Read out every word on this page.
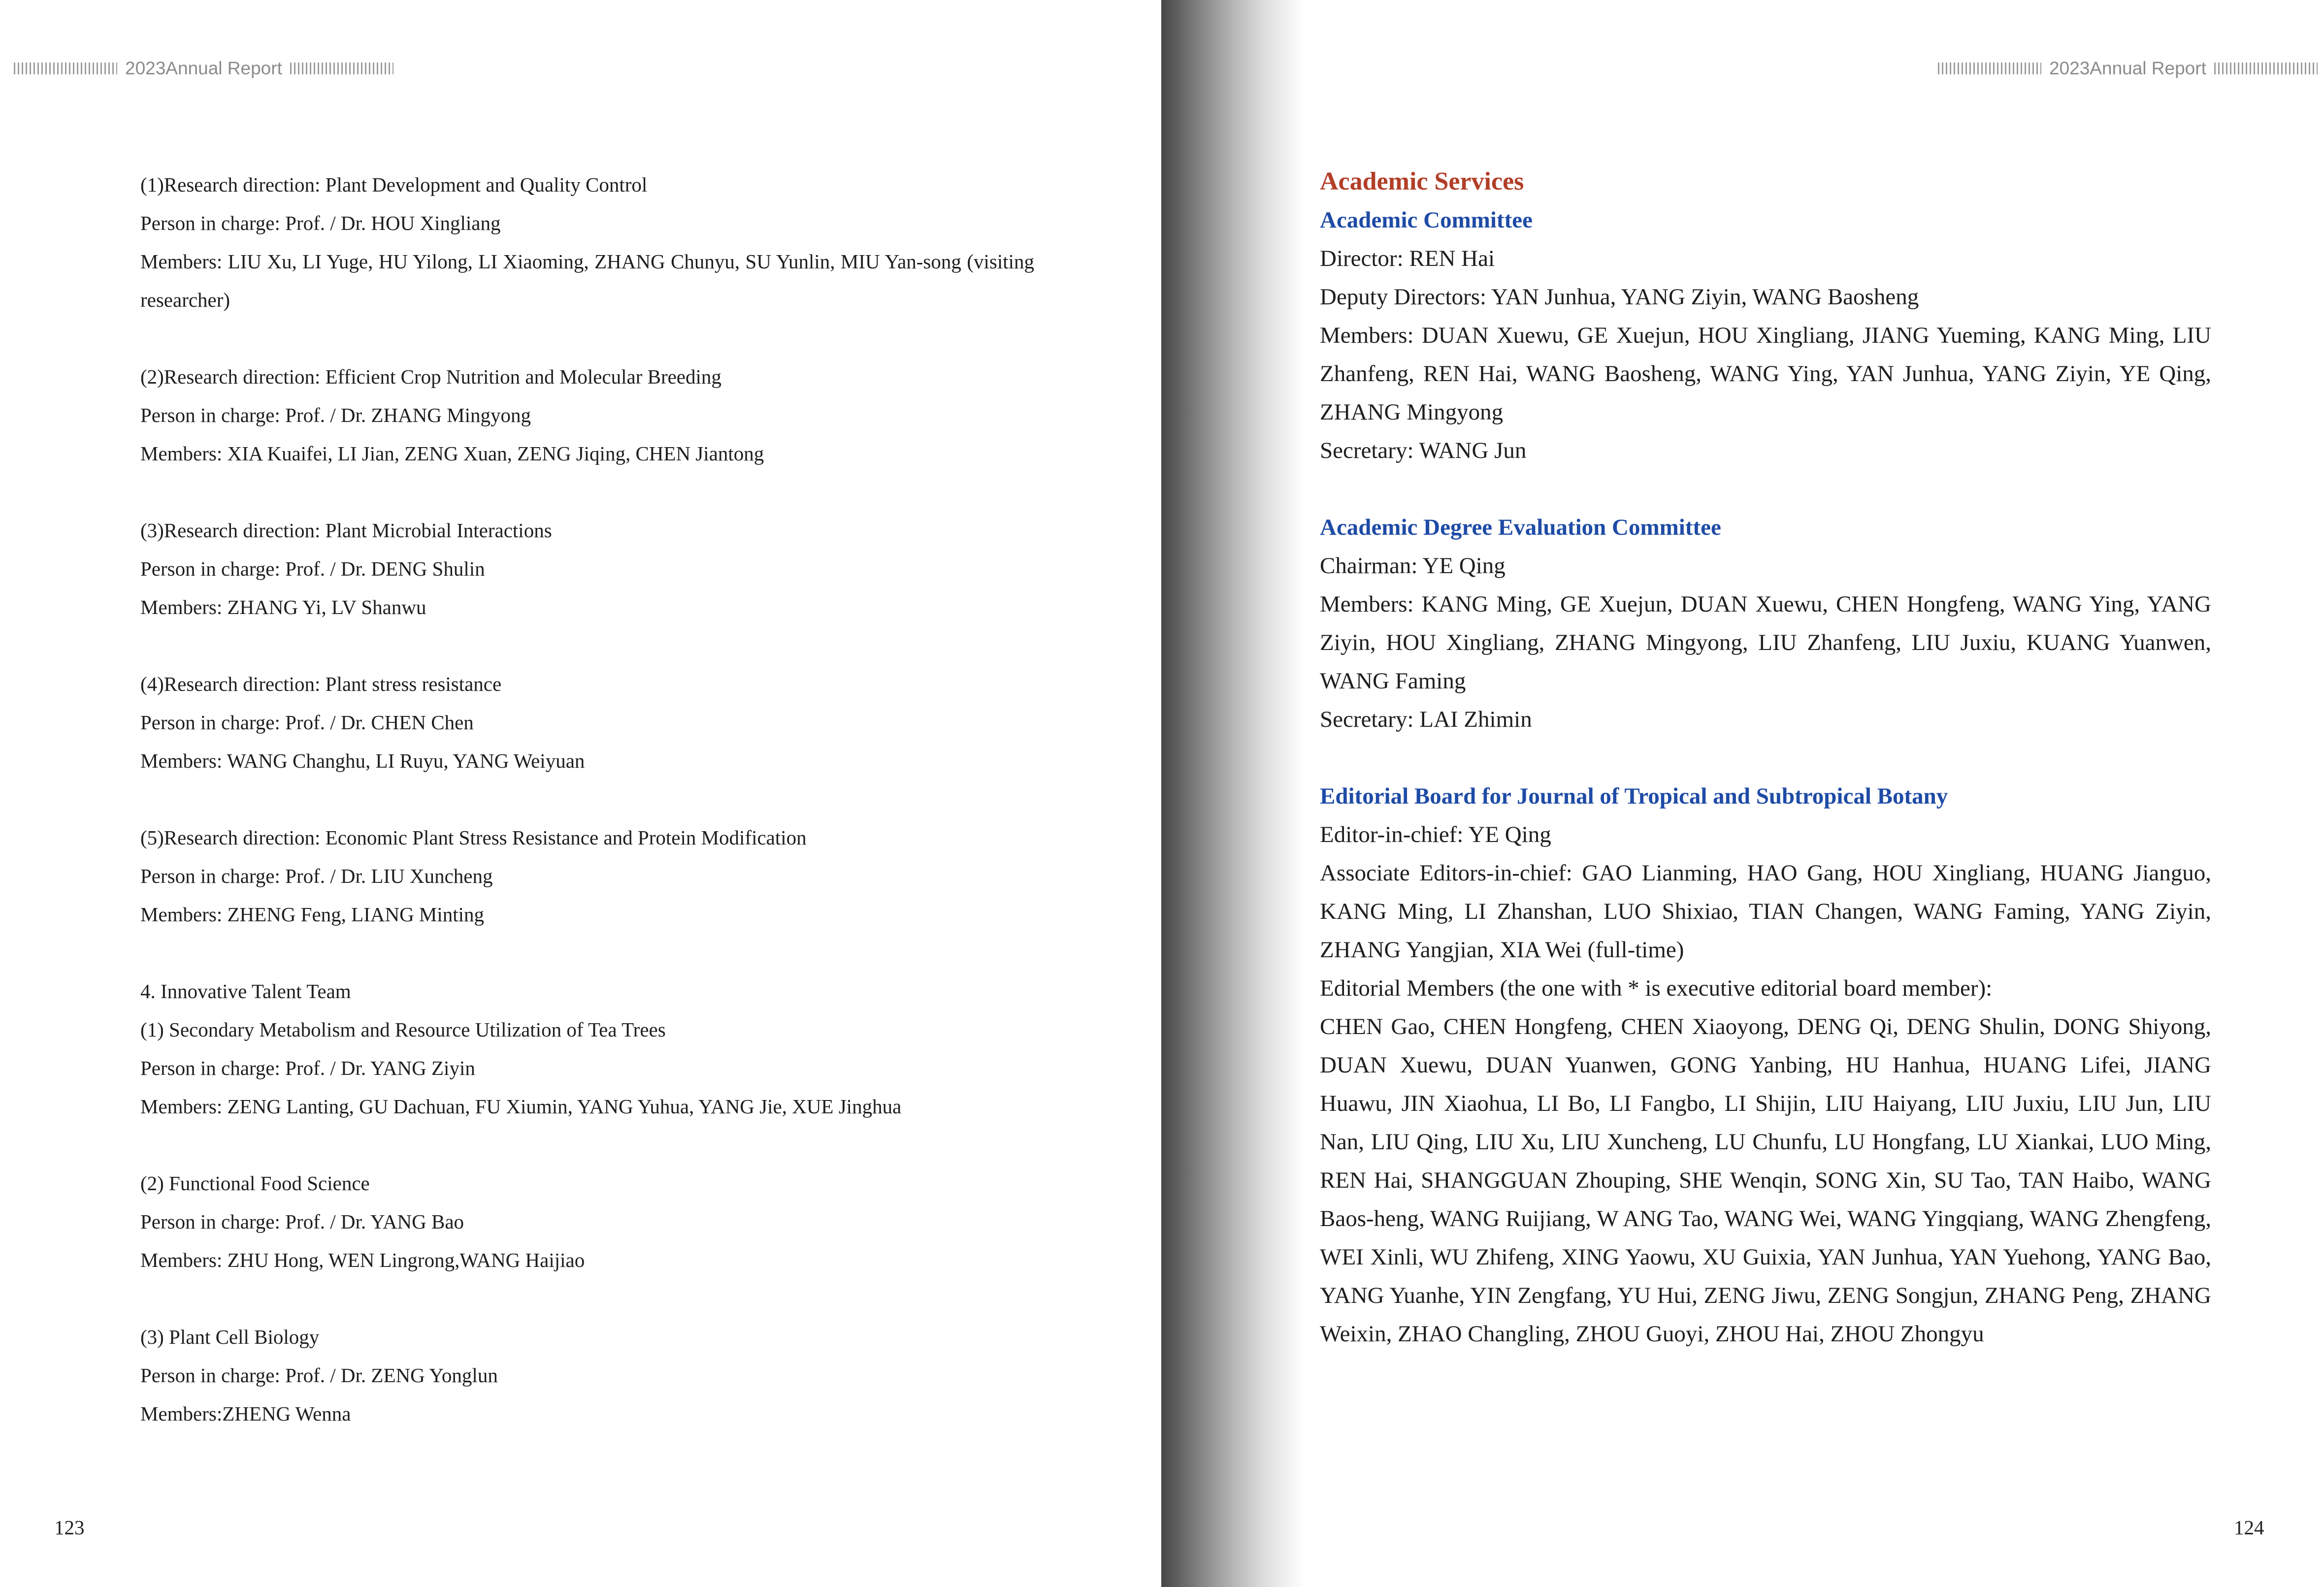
2023Annual Report	2023Annual Report

(1)Research direction: Plant Development and Quality Control

Person in charge: Prof. / Dr. HOU Xingliang

Members: LIU Xu, LI Yuge, HU Yilong, LI Xiaoming, ZHANG Chunyu, SU Yunlin, MIU Yan-song (visiting researcher)

(2)Research direction: Efficient Crop Nutrition and Molecular Breeding

Person in charge: Prof. / Dr. ZHANG Mingyong

Members: XIA Kuaifei, LI Jian, ZENG Xuan, ZENG Jiqing, CHEN Jiantong

(3)Research direction: Plant Microbial Interactions

Person in charge: Prof. / Dr. DENG Shulin

Members: ZHANG Yi, LV Shanwu

(4)Research direction: Plant stress resistance

Person in charge: Prof. / Dr. CHEN Chen

Members: WANG Changhu, LI Ruyu, YANG Weiyuan

(5)Research direction: Economic Plant Stress Resistance and Protein Modification

Person in charge: Prof. / Dr. LIU Xuncheng

Members: ZHENG Feng, LIANG Minting

4. Innovative Talent Team

(1) Secondary Metabolism and Resource Utilization of Tea Trees

Person in charge: Prof. / Dr. YANG Ziyin

Members: ZENG Lanting, GU Dachuan, FU Xiumin, YANG Yuhua, YANG Jie, XUE Jinghua

(2) Functional Food Science

Person in charge: Prof. / Dr. YANG Bao

Members: ZHU Hong, WEN Lingrong,WANG Haijiao

(3) Plant Cell Biology

Person in charge: Prof. / Dr. ZENG Yonglun

Members:ZHENG Wenna

Academic Services
Academic Committee

Director: REN Hai

Deputy Directors: YAN Junhua, YANG Ziyin, WANG Baosheng

Members: DUAN Xuewu, GE Xuejun, HOU Xingliang, JIANG Yueming, KANG Ming, LIU Zhanfeng, REN Hai, WANG Baosheng, WANG Ying, YAN Junhua, YANG Ziyin, YE Qing, ZHANG Mingyong

Secretary: WANG Jun

Academic Degree Evaluation Committee

Chairman: YE Qing

Members: KANG Ming, GE Xuejun, DUAN Xuewu, CHEN Hongfeng, WANG Ying, YANG Ziyin, HOU Xingliang, ZHANG Mingyong, LIU Zhanfeng, LIU Juxiu, KUANG Yuanwen, WANG Faming

Secretary: LAI Zhimin

Editorial Board for Journal of Tropical and Subtropical Botany

Editor-in-chief: YE Qing

Associate Editors-in-chief: GAO Lianming, HAO Gang, HOU Xingliang, HUANG Jianguo, KANG Ming, LI Zhanshan, LUO Shixiao, TIAN Changen, WANG Faming, YANG Ziyin, ZHANG Yangjian, XIA Wei (full-time)

Editorial Members (the one with * is executive editorial board member):

CHEN Gao, CHEN Hongfeng, CHEN Xiaoyong, DENG Qi, DENG Shulin, DONG Shiyong, DUAN Xuewu, DUAN Yuanwen, GONG Yanbing, HU Hanhua, HUANG Lifei, JIANG Huawu, JIN Xiaohua, LI Bo, LI Fangbo, LI Shijin, LIU Haiyang, LIU Juxiu, LIU Jun, LIU Nan, LIU Qing, LIU Xu, LIU Xuncheng, LU Chunfu, LU Hongfang, LU Xiankai, LUO Ming, REN Hai, SHANGGUAN Zhouping, SHE Wenqin, SONG Xin, SU Tao, TAN Haibo, WANG Baos-heng, WANG Ruijiang, W ANG Tao, WANG Wei, WANG Yingqiang, WANG Zhengfeng, WEI Xinli, WU Zhifeng, XING Yaowu, XU Guixia, YAN Junhua, YAN Yuehong, YANG Bao, YANG Yuanhe, YIN Zengfang, YU Hui, ZENG Jiwu, ZENG Songjun, ZHANG Peng, ZHANG Weixin, ZHAO Changling, ZHOU Guoyi, ZHOU Hai, ZHOU Zhongyu

123	124
